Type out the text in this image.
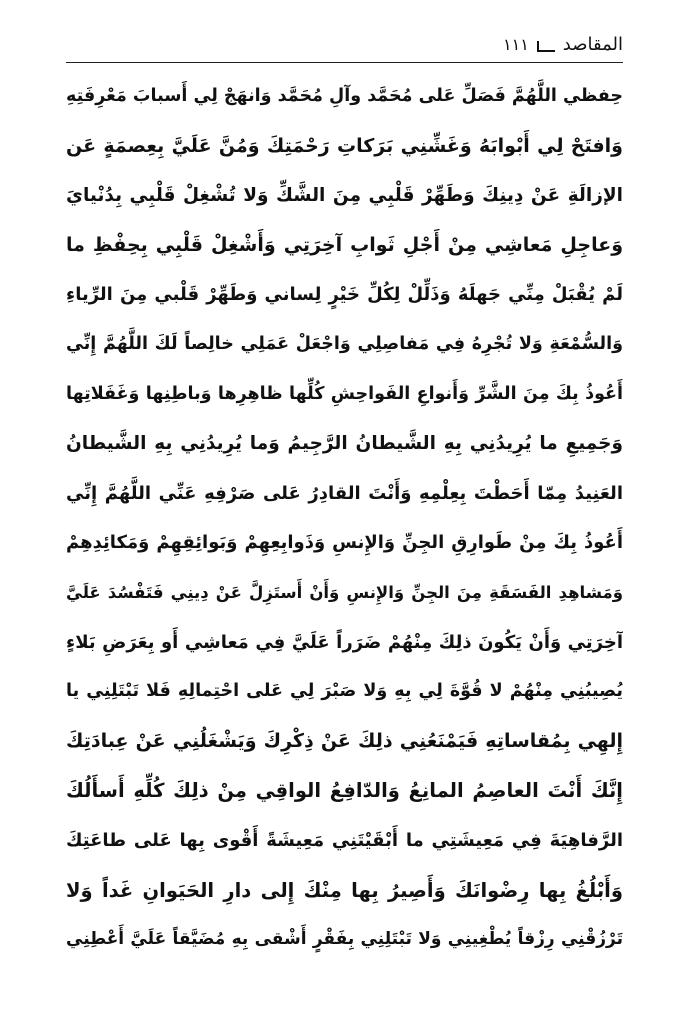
المقاصد
١١١
حِفظي اللَّهُمَّ فَصَلِّ عَلى مُحَمَّد وآلِ مُحَمَّد وَانهَجْ لِي أَسبابَ مَعْرِفَتِهِ
وَافتَحْ لِي أَبْوابَهُ وَغَشِّنِي بَرَكاتِ رَحْمَتِكَ وَمُنَّ عَلَيَّ بِعِصمَةٍ عَن
الإزالَةِ عَنْ دِينِكَ وَطَهِّرْ قَلْبِي مِنَ الشَّكِّ وَلا تُشْغِلْ قَلْبِي بِدُنْيايَ
وَعاجِلِ مَعاشِي مِنْ أَجْلِ ثَوابِ آخِرَتِي وَأَشْغِلْ قَلْبِي بِحِفْظِ ما
لَمْ يُقْبَلْ مِنِّي جَهلَهُ وَذَلِّلْ لِكُلِّ خَيْرٍ لِساني وَطَهِّرْ قَلْبي مِنَ الرِّياءِ
وَالسُّمْعَةِ وَلا تُجْرِهُ فِي مَفاصِلِي وَاجْعَلْ عَمَلِي خالِصاً لَكَ اللَّهُمَّ إِنِّي
أَعُوذُ بِكَ مِنَ الشَّرِّ وَأَنواعِ الفَواحِشِ كُلِّها ظاهِرِها وَباطِنِها وَغَفَلاتِها
وَجَمِيعِ ما يُرِيدُنِي بِهِ الشَّيطانُ الرَّجِيمُ وَما يُرِيدُنِي بِهِ الشَّيطانُ
العَنِيدُ مِمّا أَحَطْتَ بِعِلْمِهِ وَأَنْتَ القادِرُ عَلى صَرْفِهِ عَنِّي اللَّهُمَّ إِنِّي
أَعُوذُ بِكَ مِنْ طَوارِقِ الجِنِّ وَالإِنسِ وَذَوابِعِهِمْ وَبَوائِقِهِمْ وَمَكائِدِهِمْ
وَمَشاهِدِ الفَسَقَةِ مِنَ الجِنِّ وَالإِنسِ وَأَنْ أَستَزِلَّ عَنْ دِينِي فَتَفْسُدَ عَلَيَّ
آخِرَتِي وَأَنْ يَكُونَ ذلِكَ مِنْهُمْ ضَرَراً عَلَيَّ فِي مَعاشِي أَو بِعَرَضِ بَلاءٍ
يُصِيبُنِي مِنْهُمْ لا قُوَّةَ لِي بِهِ وَلا صَبْرَ لِي عَلى احْتِمالِهِ فَلا تَبْتَلِنِي يا
إِلهِي بِمُقاساتِهِ فَيَمْنَعُنِي ذلِكَ عَنْ ذِكْرِكَ وَيَشْغَلُنِي عَنْ عِبادَتِكَ
إِنَّكَ أَنْتَ العاصِمُ المانِعُ وَالدّافِعُ الواقِي مِنْ ذلِكَ كُلِّهِ أَسأَلُكَ
الرَّفاهِيَةَ فِي مَعِيشَتِي ما أَبْقَيْتَنِي مَعِيشَةً أَقْوى بِها عَلى طاعَتِكَ
وَأَبْلُغُ بِها رِضْوانَكَ وَأَصِيرُ بِها مِنْكَ إِلى دارِ الحَيَوانِ غَداً وَلا
تَرْزُقْنِي رِزْقاً يُطْغِينِي وَلا تَبْتَلِنِي بِفَقْرٍ أَشْقى بِهِ مُضَيَّقاً عَلَيَّ أَعْطِنِي
